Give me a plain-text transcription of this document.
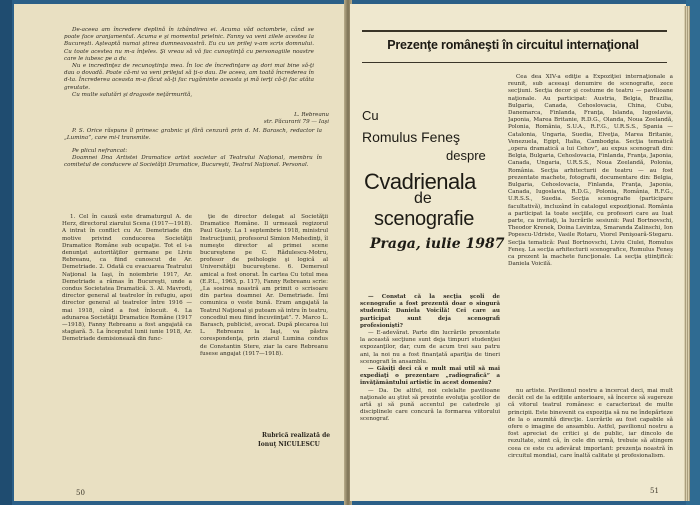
De-aceea am încredere deplină în izbândirea ei. Acuma văd octombrie, când se poate face aranjamentul. Acuma e şi momentul prielnic. Fanny va veni zilele acestea la Bucureşti. Aşteaptă numai ştirea dumneavoastră. Eu cu un prilej v-am scris domnului. Cu toate acestea nu m-a înţeles. Şi vreau să vă fac cunoştinţă cu personagiile noastre care le iubesc pe a dv.

Nu e incredinţez de recunoştinţa mea. În loc de încredinţare aş dori mai bine să-ţi dau o dovadă. Poate că-mi va veni prilejul să ţi-o dau. De aceea, am toată încrederea în d-ta. Încrederea aceasta m-a făcut să-ţi fac rugăminte aceasta şi mă ierţi că-ţi fac atâta greutate.

Cu multe salutări şi dragoste neţărmurită,

L. Rebreanu
str. Păcurarii 79 — Iaşi

P. S. Orice răspuns îl primesc grabnic şi fără cenzură prin d. M. Barasch, redactor la „Lumina”, care mi-l transmite.

Pe plicul nefrancat:

Doamnei Dna Artistei Dramatice artist societar al Teatrului Naţional, membru în comitetul de conducere al Societăţii Dramatice, Bucureşti, Teatrul Naţional. Personal.

1. Cel în cauză este dramaturgul A. de Herz, directorul ziarului Scena (1917—1918). A intrat în conflict cu Ar. Demetriade din motive privind conducerea Societăţii Dramatice Române sub ocupaţie. Tot el i-a denunţat autorităţilor germane pe Liviu Rebreanu, ca fiind cunoscut de Ar. Demetriade. 2. Odată cu evacuarea Teatrului Naţional la Iaşi, în noiembrie 1917, Ar. Demetriade a rămas în Bucureşti, unde a condus Societatea Dramatică. 3. Al. Mavrodi, director general al teatrelor în refugiu, apoi director general al teatrelor între 1916 — mai 1918, când a fost înlocuit. 4. La adunarea Societăţii Dramatice Române (1917—1918), Fanny Rebreanu a fost angajată ca stagiară. 5. La începutul lunii iunie 1918, Ar. Demetriade demisionează din func-

ţie de director delegat al Societăţii Dramatice Române. Il urmează regizorul Paul Gusty. La 1 septembrie 1918, ministrul Instrucţiunii, profesorul Simion Mehedinţi, îl numeşte director al primei scene bucureştene pe C. Rădulescu-Motru, profesor de psihologie şi logică al Universităţii bucureştene. 6. Demersul amical a fost onorat. În cartea Cu totul mea (E.P.L., 1963, p. 117), Fanny Rebreanu scrie: „La sosirea noastră am primit o scrisoare din partea doamnei Ar. Demetriade. Îmi comunica o veste bună. Eram angajată la Teatrul Naţional şi puteam să intru în teatru, concediul meu fiind încuviinţat”. 7. Marco L. Barasch, publicist, avocat. După plecarea lui L. Rebreanu la Iaşi, va păstra corespondenţa, prin ziarul Lumina condus de Constantin Stere, ziar la care Rebreanu fusese angajat (1917—1918).

Rubrică realizată de
Ionuţ NICULESCU
50
Prezenţe româneşti în circuitul internaţional
Cu
Romulus Feneş
despre
Cvadrienala
de
scenografie
Praga, iulie 1987

— Constat că la secţia şcoli de scenografie a fost prezentă doar o singură studentă: Daniela Voicilă! Cei care au participat sunt deja scenografi profesionişti?

— E-adevărat. Parte din lucrările prezentate la această secţiune sunt deja timpuri studenţiei expozanţilor, dar, cum de acum trei sau patru ani, la noi nu a fost finanţată apariţia de tineri scenografi în ansamblu.

— Găsiţi deci că e mult mai util să mai expediaţi o prezentare „radiografică” a învăţământului artistic în acest domeniu?

— Da. De altfel, noi celelalte pavilioane naţionale au ştiut să prezinte evoluţia şcolilor de artă şi să pună accentul pe catedrele şi disciplinele care concură la formarea viitorului scenograf.

Cea dea XIV-a ediţie a Expoziţiei internaţionale a reunit, sub aceeaşi denumire de scenografie, zece secţiuni. Secţia decor şi costume de teatru — pavilioane naţionale. Au participat: Austria, Belgia, Brazilia, Bulgaria, Canada, Cehoslovacia, China, Cuba, Danemarca, Finlanda, Franţa, Islanda, Iugoslavia, Japonia, Marea Britanie, R.D.G., Olanda, Noua Zeelandă, Polonia, România, S.U.A., R.F.G., U.R.S.S., Spania — Catalonia, Ungaria, Suedia, Elveţia, Marea Britanie, Venezuela, Egipt, Italia, Cambodgia. Secţia tematică „opera dramatică a lui Cehov”, au expus scenografi din: Belgia, Bulgaria, Cehoslovacia, Finlanda, Franţa, Japonia, Canada, Ungaria, U.R.S.S., Noua Zeelandă, Polonia, România. Secţia arhitecturii de teatru — au fost prezentate machete, fotografii, documentare din: Belgia, Bulgaria, Cehoslovacia, Finlanda, Franţa, Japonia, Canada, Iugoslavia, R.D.G., Polonia, România, R.F.G., U.R.S.S., Suedia. Secţia scenografie (participare facultativă), incluzând în catalogul expoziţional. România a participat la toate secţiile, cu profesori care au luat parte, ca invitaţi, la lucrările sesiunii: Paul Bortnovschi, Theodor Krenek, Doina Levintza, Smaranda Zalinschi, Ion Popescu-Udriste, Vasile Rotaru, Viorel Penişoară-Stegaru. Secţia tematică: Paul Bortnovschi, Liviu Ciulei, Romulus Feneş. La secţia arhitecturii scenografice, Romulus Feneş ca prezent la machete funcţionale. La secţia ştiinţifică: Daniela Voicilă.

nu artiste. Pavilionul nostru a încercat deci, mai mult decât cel de la edițiile anterioare, să încerce să sugereze că vitorul teatrul românesc e caracterizat de multe principii. Este binevenit ca expoziţia să nu ne îndepărteze de la o anumită direcţie. Lucrările au fost capabile să ofere o imagine de ansamblu. Astfel, pavilionul nostru a fost apreciat de critici şi de public, iar dincolo de rezultate, simt că, în cele din urmă, trebuie să atingem ceea ce este cu adevărat important: prezenţa noastră în circuitul mondial, care înaltă calitate şi profesionalism.

51
